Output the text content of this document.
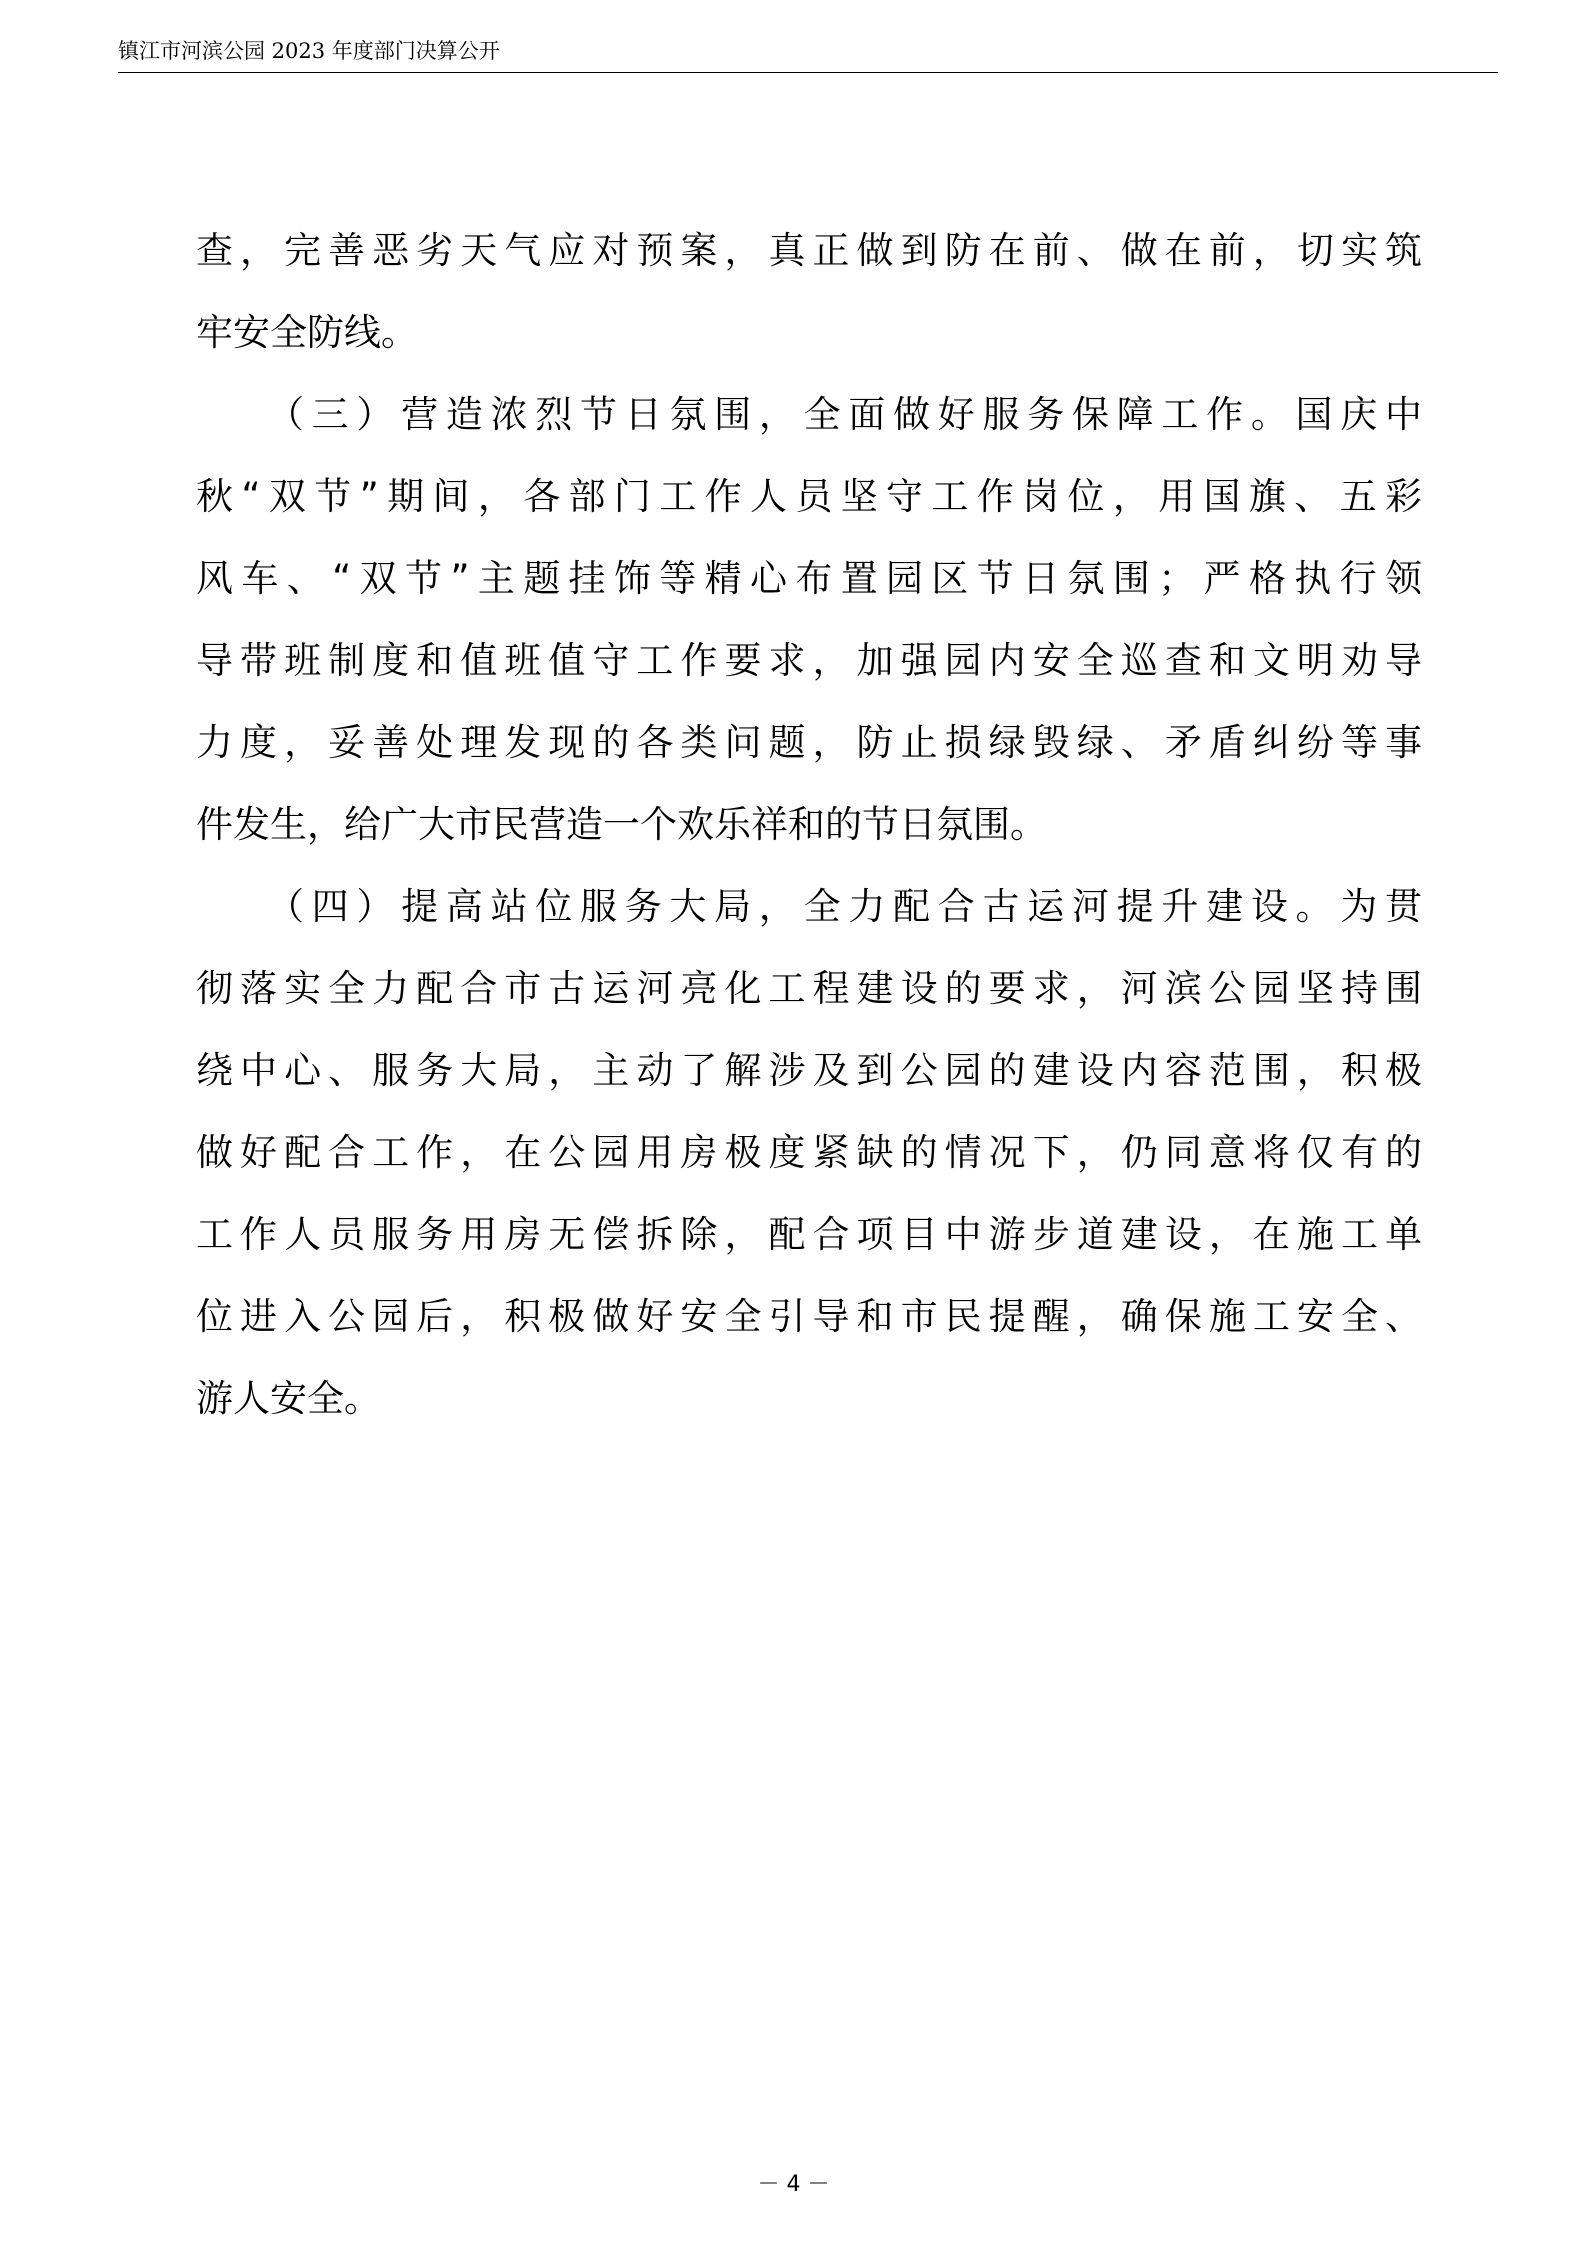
镇江市河滨公园 2023 年度部门决算公开
查，完善恶劣天气应对预案，真正做到防在前、做在前，切实筑
牢安全防线。
　　（三）营造浓烈节日氛围，全面做好服务保障工作。国庆中
秋“双节”期间，各部门工作人员坚守工作岗位，用国旗、五彩
风车、“双节”主题挂饰等精心布置园区节日氛围；严格执行领
导带班制度和值班值守工作要求，加强园内安全巡查和文明劝导
力度，妥善处理发现的各类问题，防止损绿毁绿、矛盾纠纷等事
件发生，给广大市民营造一个欢乐祥和的节日氛围。
　　（四）提高站位服务大局，全力配合古运河提升建设。为贯
彻落实全力配合市古运河亮化工程建设的要求，河滨公园坚持围
绕中心、服务大局，主动了解涉及到公园的建设内容范围，积极
做好配合工作，在公园用房极度紧缺的情况下，仍同意将仅有的
工作人员服务用房无偿拆除，配合项目中游步道建设，在施工单
位进入公园后，积极做好安全引导和市民提醒，确保施工安全、
游人安全。
－ 4 －
